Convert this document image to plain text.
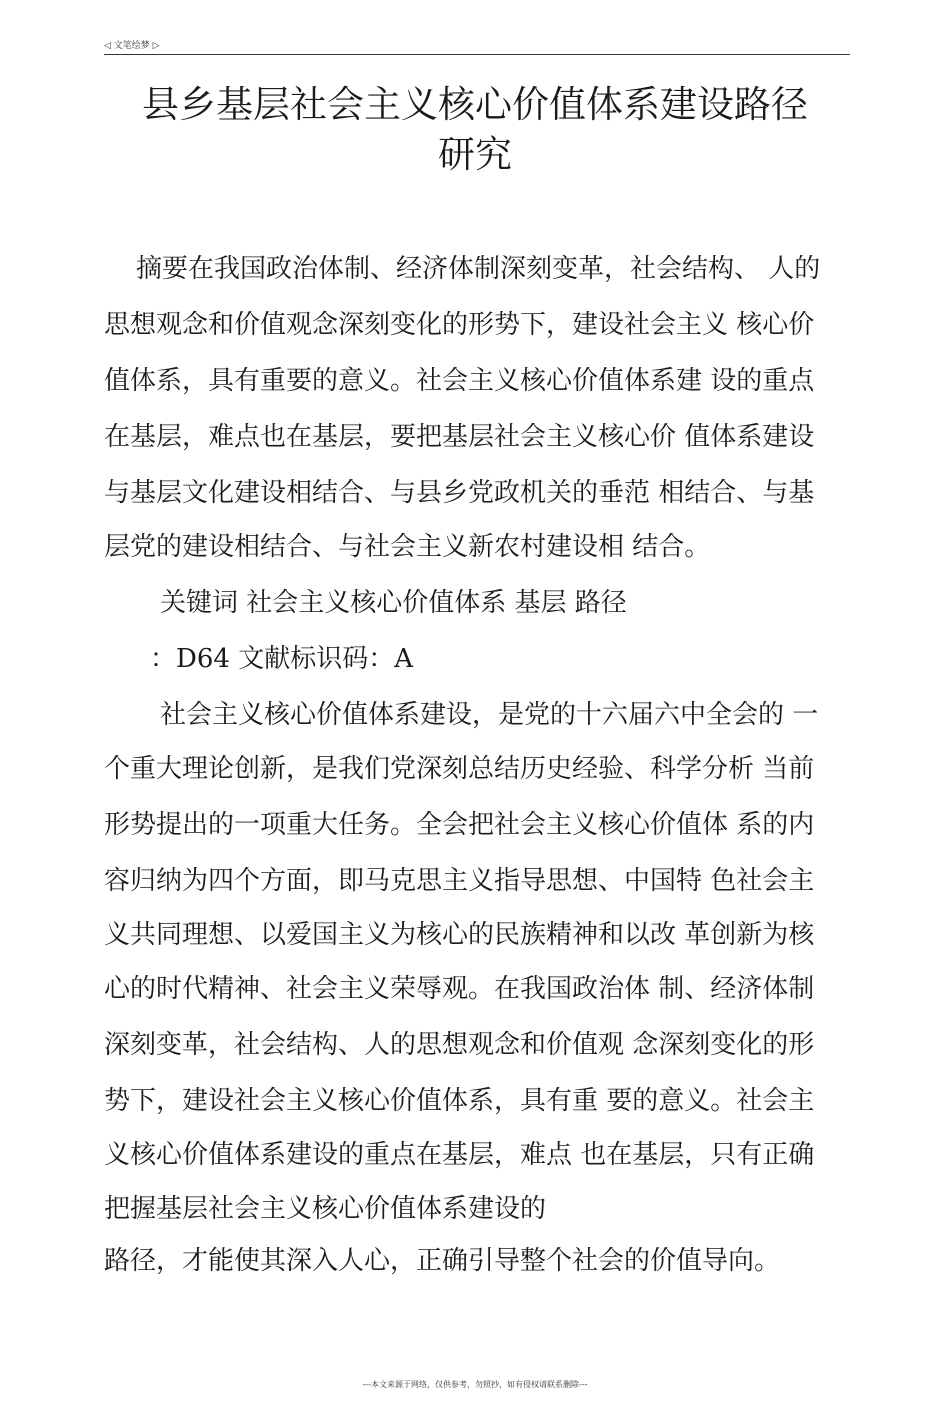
◁ 文笔绘梦 ▷
县乡基层社会主义核心价值体系建设路径
研究
摘要在我国政治体制、经济体制深刻变革，社会结构、 人的
思想观念和价值观念深刻变化的形势下，建设社会主义 核心价
值体系，具有重要的意义。社会主义核心价值体系建 设的重点
在基层，难点也在基层，要把基层社会主义核心价 值体系建设
与基层文化建设相结合、与县乡党政机关的垂范 相结合、与基
层党的建设相结合、与社会主义新农村建设相 结合。
关键词 社会主义核心价值体系 基层 路径
：D64 文献标识码：A
社会主义核心价值体系建设，是党的十六届六中全会的 一
个重大理论创新，是我们党深刻总结历史经验、科学分析 当前
形势提出的一项重大任务。全会把社会主义核心价值体 系的内
容归纳为四个方面，即马克思主义指导思想、中国特 色社会主
义共同理想、以爱国主义为核心的民族精神和以改 革创新为核
心的时代精神、社会主义荣辱观。在我国政治体 制、经济体制
深刻变革，社会结构、人的思想观念和价值观 念深刻变化的形
势下，建设社会主义核心价值体系，具有重 要的意义。社会主
义核心价值体系建设的重点在基层，难点 也在基层，只有正确
把握基层社会主义核心价值体系建设的
路径，才能使其深入人心，正确引导整个社会的价值导向。
---本文来源于网络，仅供参考，勿照抄，如有侵权请联系删除---
